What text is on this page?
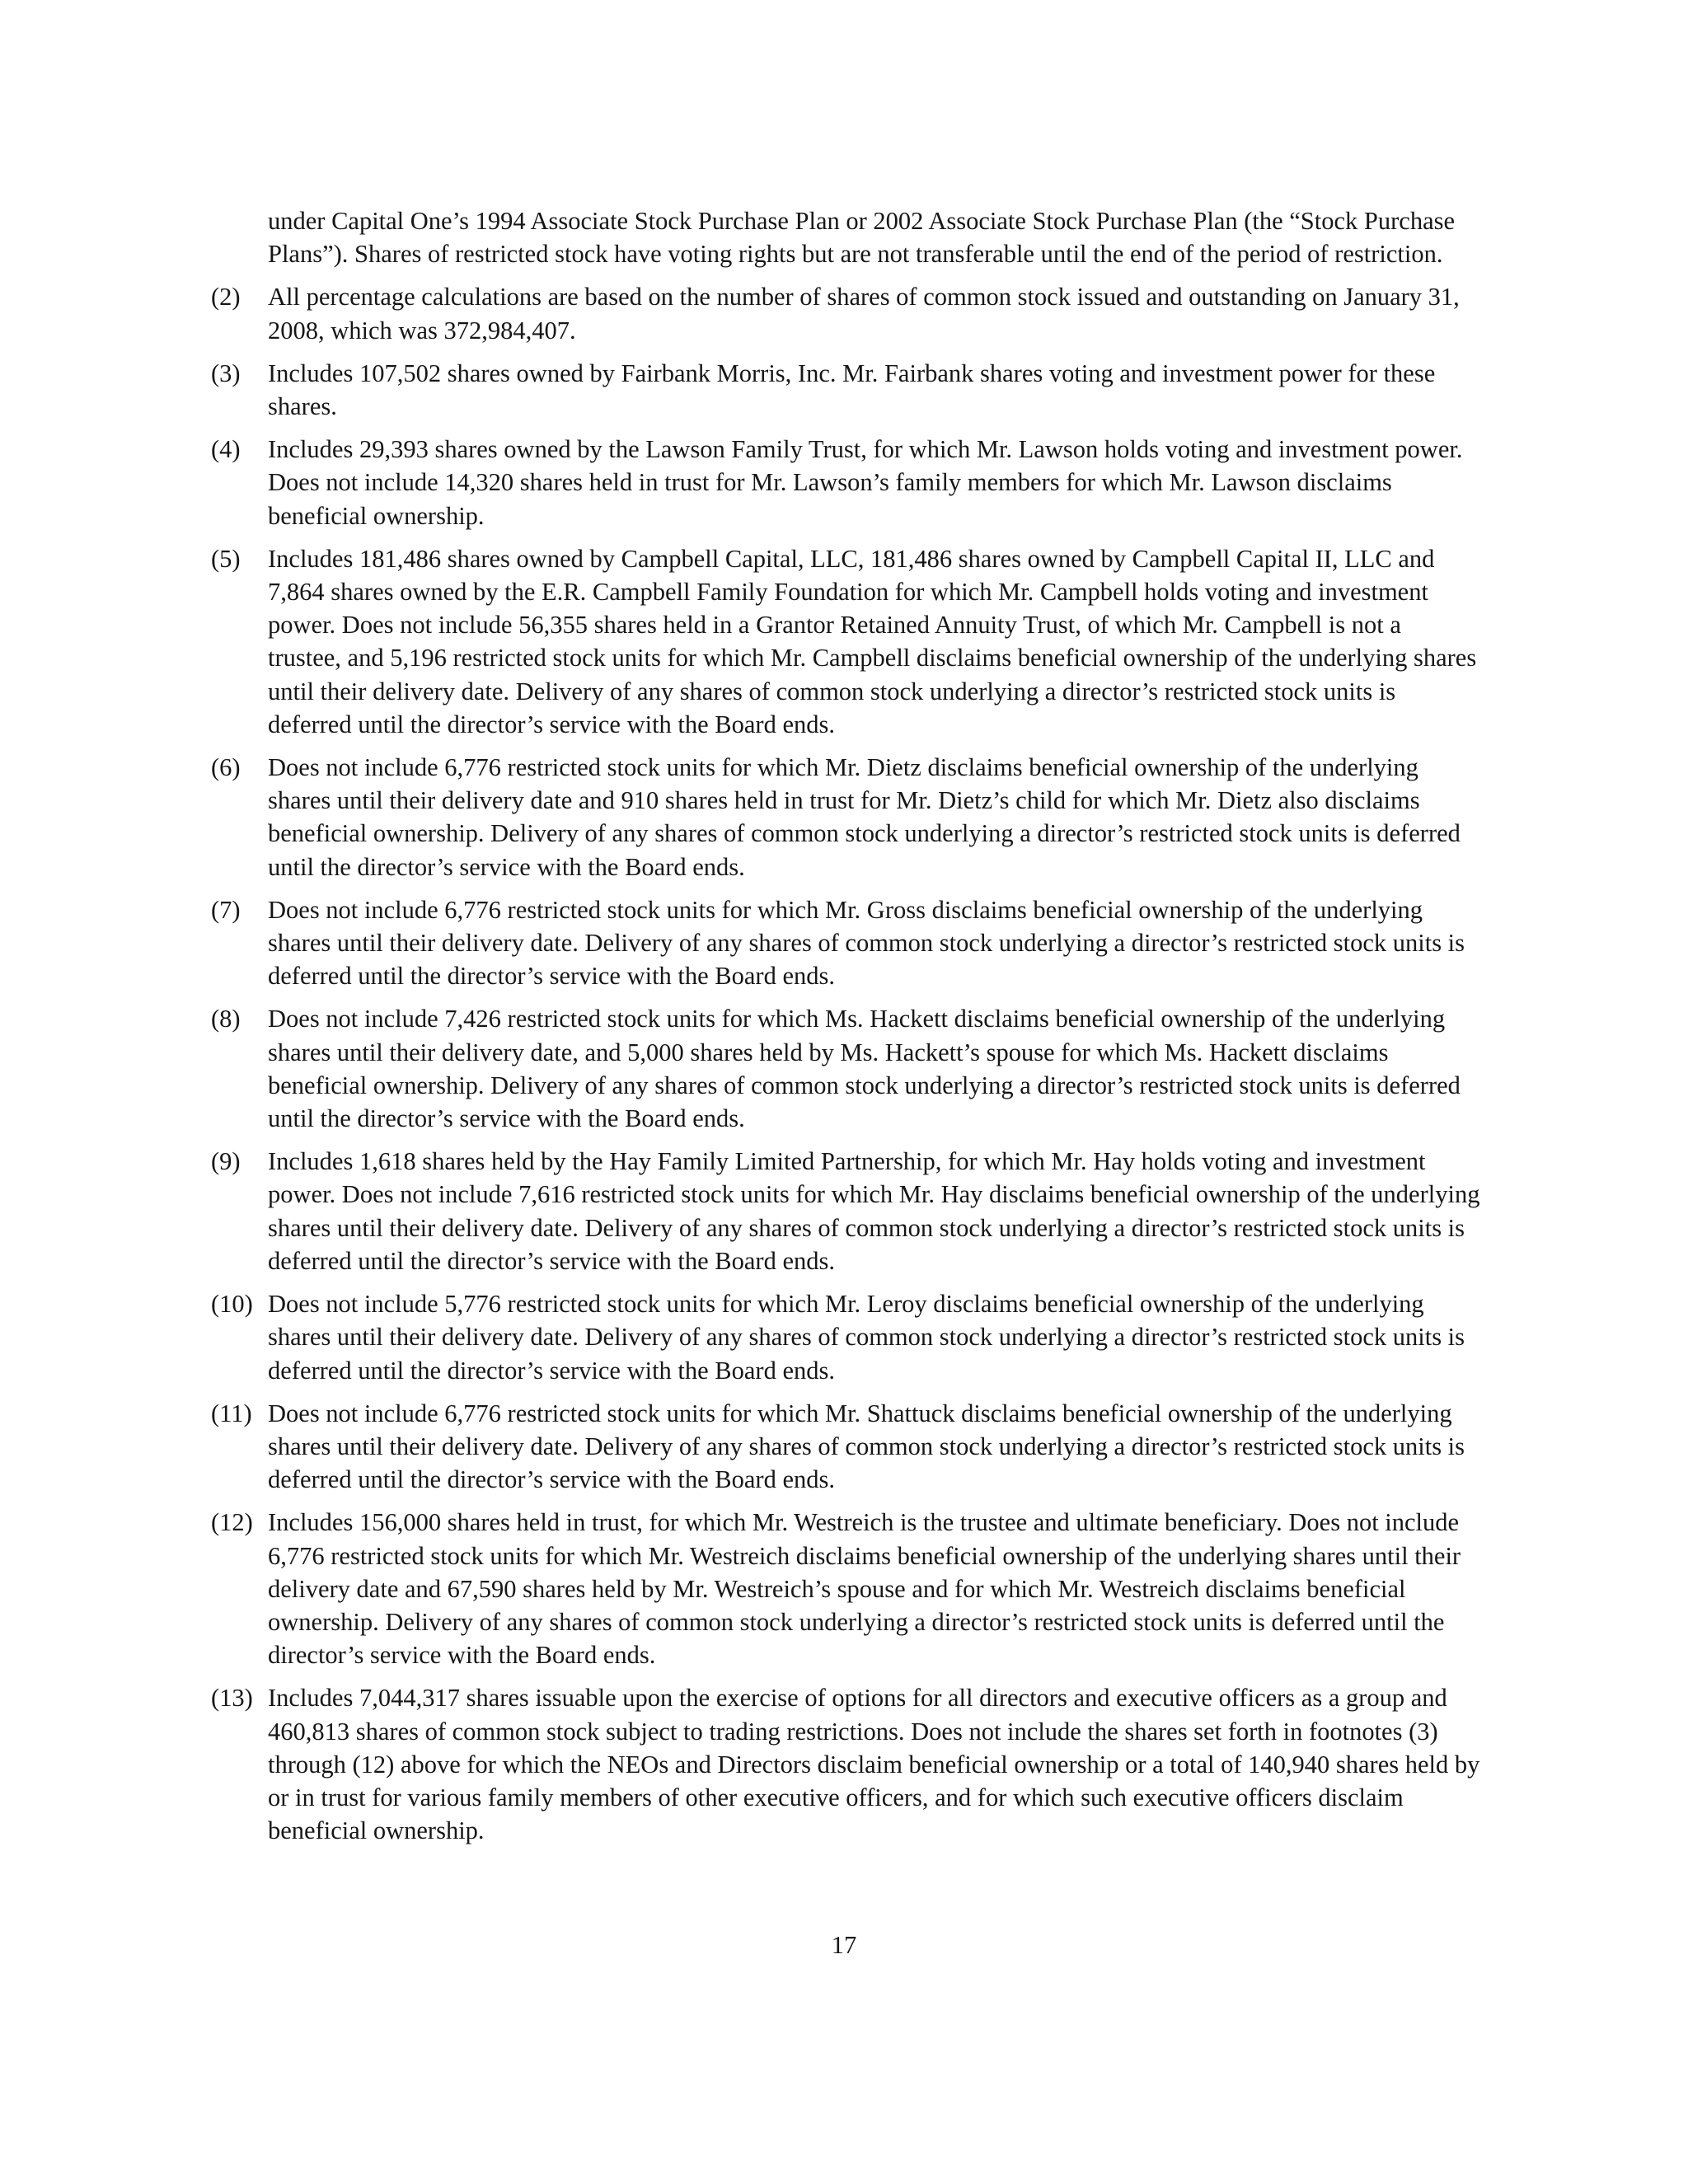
under Capital One’s 1994 Associate Stock Purchase Plan or 2002 Associate Stock Purchase Plan (the “Stock Purchase Plans”). Shares of restricted stock have voting rights but are not transferable until the end of the period of restriction.

(2) All percentage calculations are based on the number of shares of common stock issued and outstanding on January 31, 2008, which was 372,984,407.
(3) Includes 107,502 shares owned by Fairbank Morris, Inc. Mr. Fairbank shares voting and investment power for these shares.
(4) Includes 29,393 shares owned by the Lawson Family Trust, for which Mr. Lawson holds voting and investment power. Does not include 14,320 shares held in trust for Mr. Lawson’s family members for which Mr. Lawson disclaims beneficial ownership.
(5) Includes 181,486 shares owned by Campbell Capital, LLC, 181,486 shares owned by Campbell Capital II, LLC and 7,864 shares owned by the E.R. Campbell Family Foundation for which Mr. Campbell holds voting and investment power. Does not include 56,355 shares held in a Grantor Retained Annuity Trust, of which Mr. Campbell is not a trustee, and 5,196 restricted stock units for which Mr. Campbell disclaims beneficial ownership of the underlying shares until their delivery date. Delivery of any shares of common stock underlying a director’s restricted stock units is deferred until the director’s service with the Board ends.
(6) Does not include 6,776 restricted stock units for which Mr. Dietz disclaims beneficial ownership of the underlying shares until their delivery date and 910 shares held in trust for Mr. Dietz’s child for which Mr. Dietz also disclaims beneficial ownership. Delivery of any shares of common stock underlying a director’s restricted stock units is deferred until the director’s service with the Board ends.
(7) Does not include 6,776 restricted stock units for which Mr. Gross disclaims beneficial ownership of the underlying shares until their delivery date. Delivery of any shares of common stock underlying a director’s restricted stock units is deferred until the director’s service with the Board ends.
(8) Does not include 7,426 restricted stock units for which Ms. Hackett disclaims beneficial ownership of the underlying shares until their delivery date, and 5,000 shares held by Ms. Hackett’s spouse for which Ms. Hackett disclaims beneficial ownership. Delivery of any shares of common stock underlying a director’s restricted stock units is deferred until the director’s service with the Board ends.
(9) Includes 1,618 shares held by the Hay Family Limited Partnership, for which Mr. Hay holds voting and investment power. Does not include 7,616 restricted stock units for which Mr. Hay disclaims beneficial ownership of the underlying shares until their delivery date. Delivery of any shares of common stock underlying a director’s restricted stock units is deferred until the director’s service with the Board ends.
(10) Does not include 5,776 restricted stock units for which Mr. Leroy disclaims beneficial ownership of the underlying shares until their delivery date. Delivery of any shares of common stock underlying a director’s restricted stock units is deferred until the director’s service with the Board ends.
(11) Does not include 6,776 restricted stock units for which Mr. Shattuck disclaims beneficial ownership of the underlying shares until their delivery date. Delivery of any shares of common stock underlying a director’s restricted stock units is deferred until the director’s service with the Board ends.
(12) Includes 156,000 shares held in trust, for which Mr. Westreich is the trustee and ultimate beneficiary. Does not include 6,776 restricted stock units for which Mr. Westreich disclaims beneficial ownership of the underlying shares until their delivery date and 67,590 shares held by Mr. Westreich’s spouse and for which Mr. Westreich disclaims beneficial ownership. Delivery of any shares of common stock underlying a director’s restricted stock units is deferred until the director’s service with the Board ends.
(13) Includes 7,044,317 shares issuable upon the exercise of options for all directors and executive officers as a group and 460,813 shares of common stock subject to trading restrictions. Does not include the shares set forth in footnotes (3) through (12) above for which the NEOs and Directors disclaim beneficial ownership or a total of 140,940 shares held by or in trust for various family members of other executive officers, and for which such executive officers disclaim beneficial ownership.
17
